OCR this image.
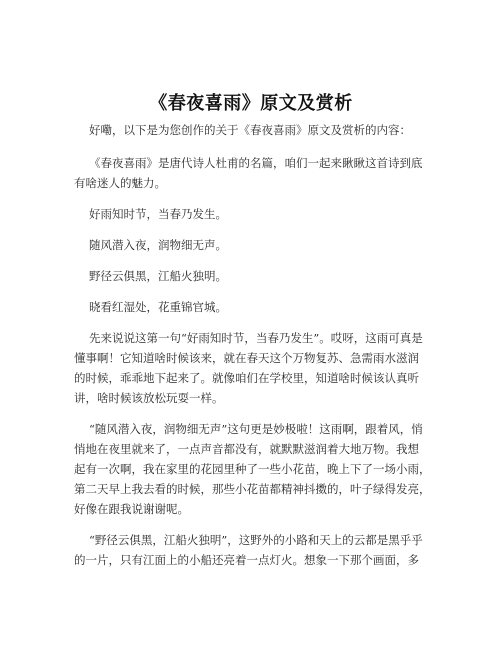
《春夜喜雨》原文及赏析
好嘞，以下是为您创作的关于《春夜喜雨》原文及赏析的内容：
《春夜喜雨》是唐代诗人杜甫的名篇，咱们一起来瞅瞅这首诗到底
有啥迷人的魅力。
好雨知时节，当春乃发生。
随风潜入夜，润物细无声。
野径云俱黑，江船火独明。
晓看红湿处，花重锦官城。
先来说说这第一句“好雨知时节，当春乃发生”。哎呀，这雨可真是
懂事啊！它知道啥时候该来，就在春天这个万物复苏、急需雨水滋润
的时候，乖乖地下起来了。就像咱们在学校里，知道啥时候该认真听
讲，啥时候该放松玩耍一样。
“随风潜入夜，润物细无声”这句更是妙极啦！这雨啊，跟着风，悄
悄地在夜里就来了，一点声音都没有，就默默滋润着大地万物。我想
起有一次啊，我在家里的花园里种了一些小花苗，晚上下了一场小雨，
第二天早上我去看的时候，那些小花苗都精神抖擞的，叶子绿得发亮，
好像在跟我说谢谢呢。
“野径云俱黑，江船火独明”，这野外的小路和天上的云都是黑乎乎
的一片，只有江面上的小船还亮着一点灯火。想象一下那个画面，多
